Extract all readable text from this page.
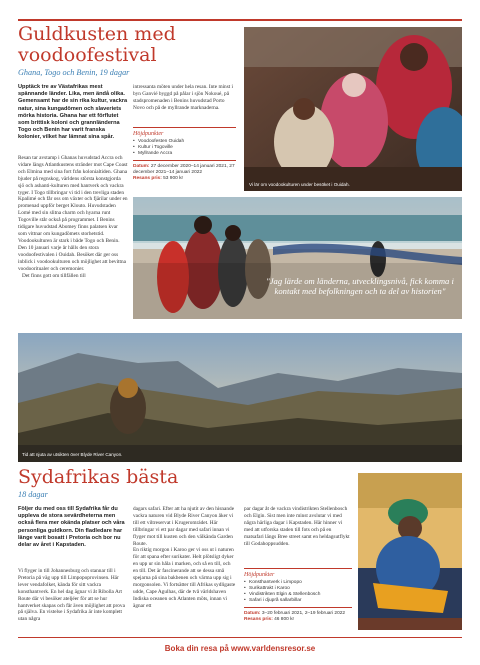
Guldkusten med
voodoofestival
Ghana, Togo och Benin, 19 dagar
Upptäck tre av Västafrikas mest spännande länder. Lika, men ändå olika. Gemensamt har de sin rika kultur, vackra natur, sina kungadömen och slaveriets mörka historia. Ghana har ett förflutet som brittisk koloni och grannländerna Togo och Benin har varit franska kolonier, vilket har lämnat sina spår.

Resan tar avstamp i Ghanas huvudstad Accra och vidare längs Atlantkustens stränder mot Cape Coast och Elmina med sina fort från kolonialtiden. Ghana bjuder på regnskog, världens största konstgjorda sjö och ashanti-kulturen med hantverk och vackra tyger. I Togo tillbringar vi tid i den trevliga staden Kpalimé och får oss om växter och fjärilar under en promenad uppför berget Klouto. Huvudstaden Lomé med sin slitna charm och hyarna runt Togoville står också på programmet. I Benins tidigare huvudstad Abomey finns palatsen kvar som vittnar om kungadömets storhetstid. Voodookulturen är stark i både Togo och Benin. Den 10 januari varje år hålls den stora voodoofestivalen i Ouidah. Besöket där ger oss inblick i voodookulturen och möjlighet att bevittna voodooritualer och ceremonier.

Det finns gott om tillfällen till

intressanta möten under hela resan. Inte minst i byn Ganvié byggd på pålar i sjön Nokoué, på stadspromenaden i Benins huvudstad Porto Novo och på de myllrande marknaderna.
Höjdpunkter
• Voodoofesten Ouidah
• Kultur i Togoville
• Myllrande Accra
Datum: 27 december 2020–14 januari 2021, 27 december 2021–14 januari 2022
Resans pris: 53 900 kr
Vi lär om voodookulturen under besöket i Ouidah.
"Jag lärde om länderna, utvecklingsnivå, fick komma i kontakt med befolkningen och ta del av historien"
Tid att njuta av utsikten över Blyde River Canyon.
Sydafrikas bästa
18 dagar
Följer du med oss till Sydafrika får du uppleva de stora sevärdheterna men också flera mer okända platser och våra personliga guldkorn. Din fladledare har länge varit bosatt i Pretoria och bor nu delar av året i Kapstaden.
Vi flyger in till Johannesburg och stannar till i Pretoria på väg upp till Limpopoprovinsen. Här lever vendafolket, kända för sitt vackra konsthantverk. En hel dag ägnar vi åt Ribolla Art Route där vi besöker ateljéer för att se hur hantverket skapas och får även möjlighet att prova på själva. En vistelse i Sydafrika är inte komplett utan några
dagars safari. Efter att ha njutit av den hisnande vackra naturen vid Blyde River Canyon åker vi till ett viltreservat i Krugeromrádet. Här tillbringar vi ett par dagar med safari innan vi flyger mot till kusten och den välkända Garden Route.
En riktig morgon i Karoo ger vi oss ut i naturen för att spana efter surikater. Helt plötsligt dyker en upp ur sin håla i marken, och så en till, och en till. Det är fascinerande att se dessa små spejarna på sina bakbenen och värma upp sig i morgonsolen. Vi fortsätter till Afrikas sydligaste udde, Cape Agulhas, där de två världshaven Indiska oceanen och Atlanten möts, innan vi ägnar ett
par dagar åt de vackra vindistrikten Stellenbosch och Elgin. Sist men inte minst avslutar vi med några härliga dagar i Kapstaden. Här hinner vi med att utforska staden till fots och på en matsafari längs Bree street samt en heldagsutflykt till Godahoppsudden.
Höjdpunkter
• Konsthantverk i Limpopo
• Surikattrakt i Karoo
• Vindistrikten Elgin & Stellenbosch
• Safari i djuprå sallarbillar
Datum: 3–20 februari 2021, 2–19 februari 2022
Resans pris: 46 800 kr
Boka din resa på www.varldensresor.se
